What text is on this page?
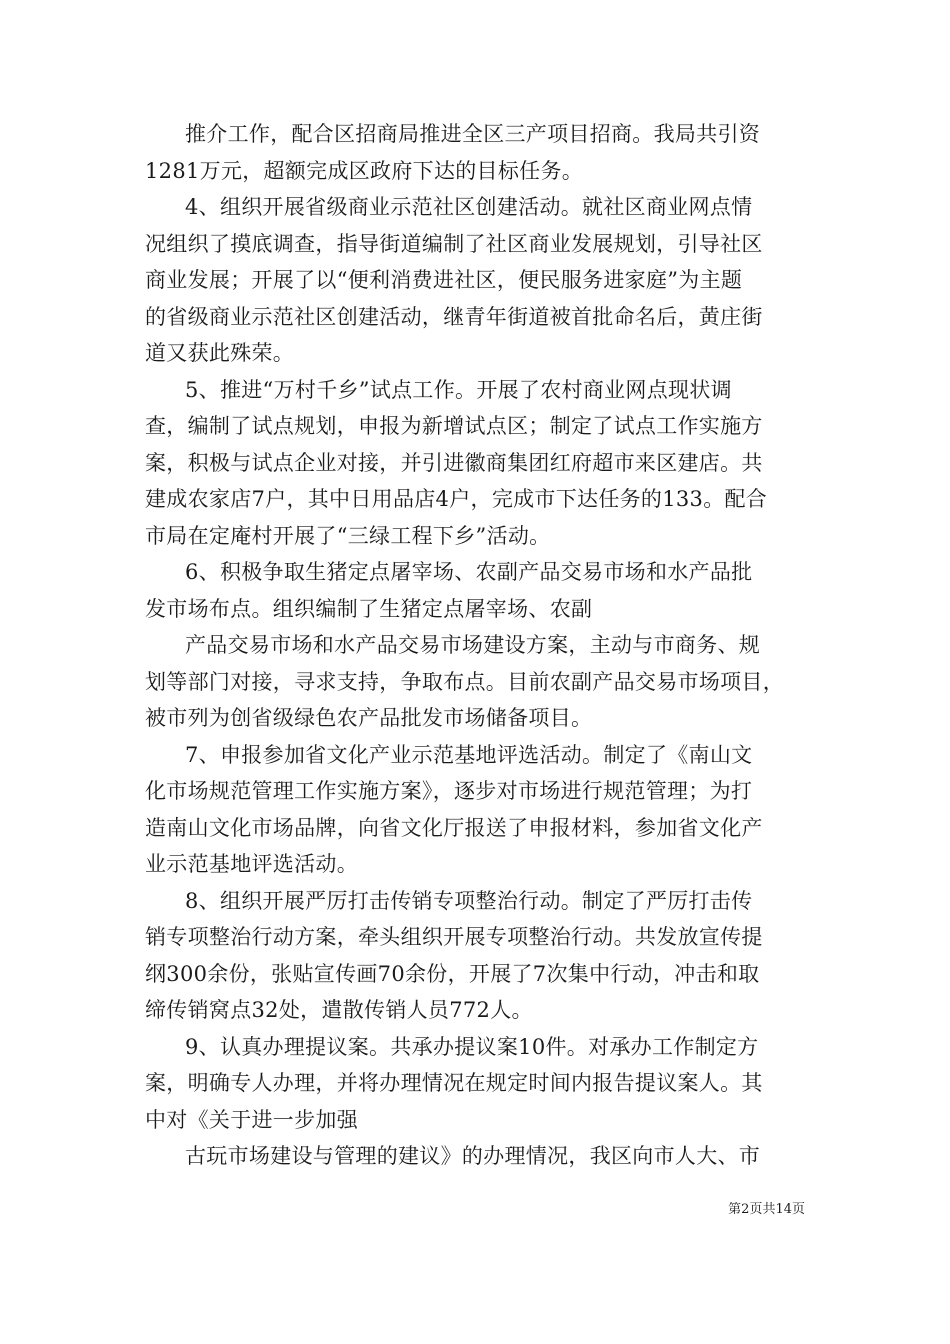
推介工作，配合区招商局推进全区三产项目招商。我局共引资
1281万元，超额完成区政府下达的目标任务。
4、组织开展省级商业示范社区创建活动。就社区商业网点情
况组织了摸底调查，指导街道编制了社区商业发展规划，引导社区
商业发展；开展了以“便利消费进社区，便民服务进家庭”为主题
的省级商业示范社区创建活动，继青年街道被首批命名后，黄庄街
道又获此殊荣。
5、推进“万村千乡”试点工作。开展了农村商业网点现状调
查，编制了试点规划，申报为新增试点区；制定了试点工作实施方
案，积极与试点企业对接，并引进徽商集团红府超市来区建店。共
建成农家店7户，其中日用品店4户，完成市下达任务的133。配合
市局在定庵村开展了“三绿工程下乡”活动。
6、积极争取生猪定点屠宰场、农副产品交易市场和水产品批
发市场布点。组织编制了生猪定点屠宰场、农副
产品交易市场和水产品交易市场建设方案，主动与市商务、规
划等部门对接，寻求支持，争取布点。目前农副产品交易市场项目，
被市列为创省级绿色农产品批发市场储备项目。
7、申报参加省文化产业示范基地评选活动。制定了《南山文
化市场规范管理工作实施方案》，逐步对市场进行规范管理；为打
造南山文化市场品牌，向省文化厅报送了申报材料，参加省文化产
业示范基地评选活动。
8、组织开展严厉打击传销专项整治行动。制定了严厉打击传
销专项整治行动方案，牵头组织开展专项整治行动。共发放宣传提
纲300余份，张贴宣传画70余份，开展了7次集中行动，冲击和取
缔传销窝点32处，遣散传销人员772人。
9、认真办理提议案。共承办提议案10件。对承办工作制定方
案，明确专人办理，并将办理情况在规定时间内报告提议案人。其
中对《关于进一步加强
古玩市场建设与管理的建议》的办理情况，我区向市人大、市
第2页共14页
